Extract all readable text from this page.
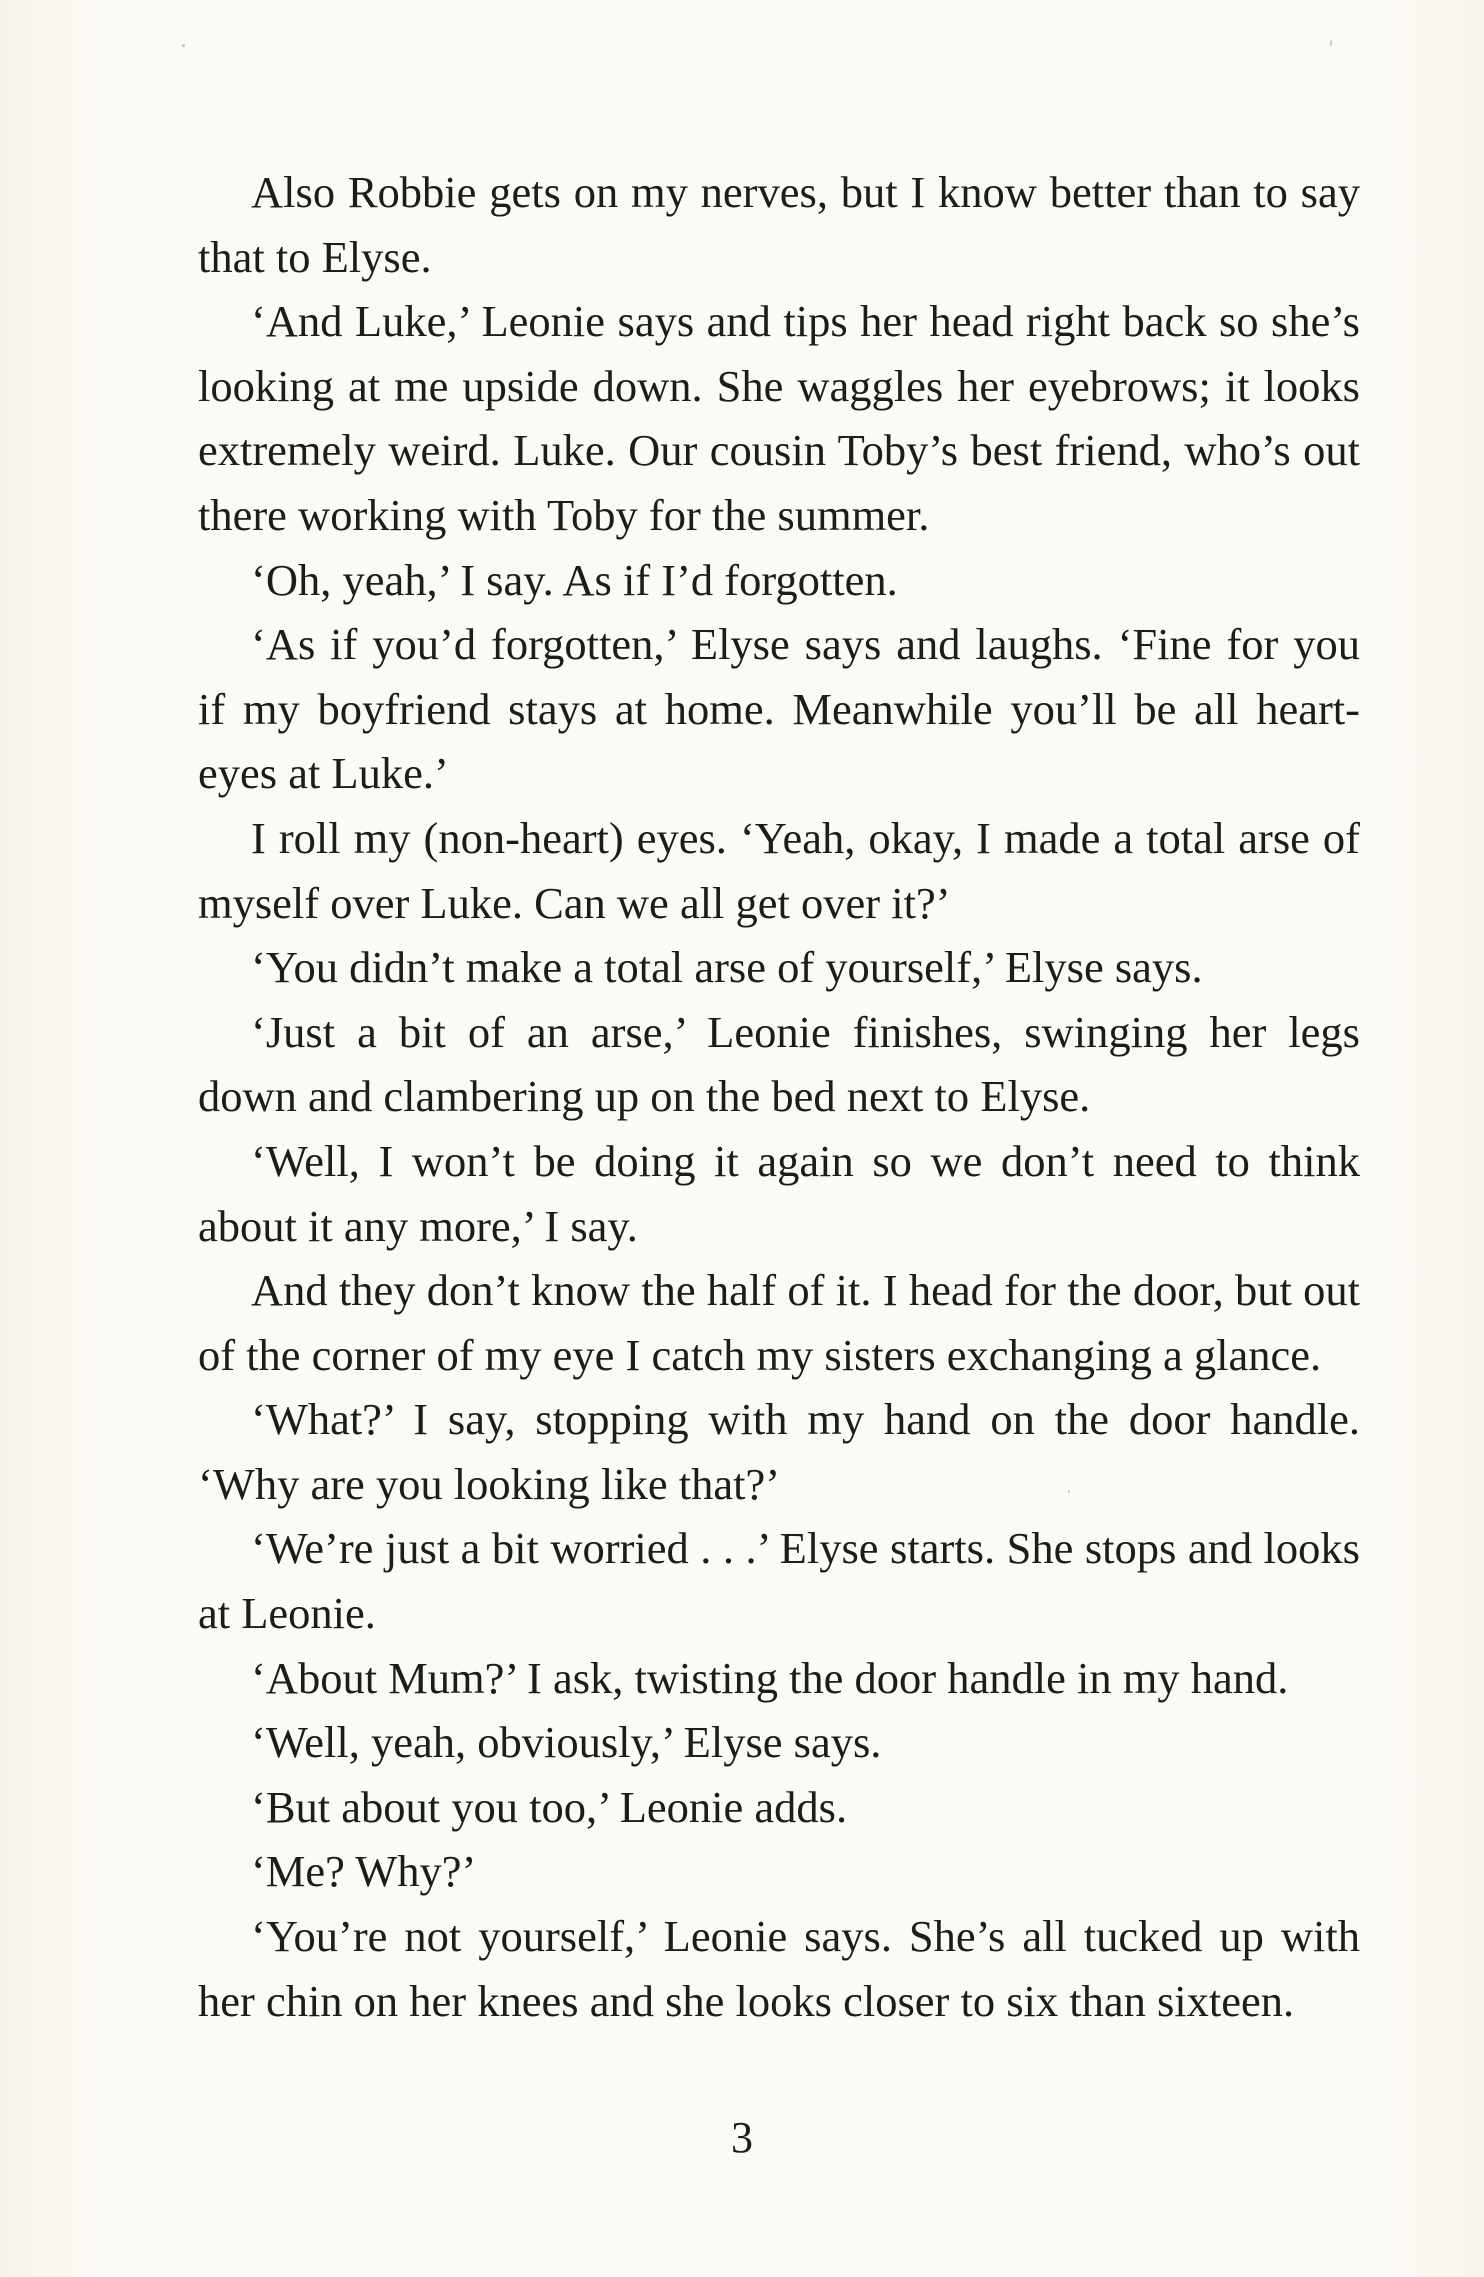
Also Robbie gets on my nerves, but I know better than to say that to Elyse.

‘And Luke,’ Leonie says and tips her head right back so she’s looking at me upside down. She waggles her eyebrows; it looks extremely weird. Luke. Our cousin Toby’s best friend, who’s out there working with Toby for the summer.

‘Oh, yeah,’ I say. As if I’d forgotten.

‘As if you’d forgotten,’ Elyse says and laughs. ‘Fine for you if my boyfriend stays at home. Meanwhile you’ll be all heart-eyes at Luke.’

I roll my (non-heart) eyes. ‘Yeah, okay, I made a total arse of myself over Luke. Can we all get over it?’

‘You didn’t make a total arse of yourself,’ Elyse says.

‘Just a bit of an arse,’ Leonie finishes, swinging her legs down and clambering up on the bed next to Elyse.

‘Well, I won’t be doing it again so we don’t need to think about it any more,’ I say.

And they don’t know the half of it. I head for the door, but out of the corner of my eye I catch my sisters exchanging a glance.

‘What?’ I say, stopping with my hand on the door handle. ‘Why are you looking like that?’

‘We’re just a bit worried . . .’ Elyse starts. She stops and looks at Leonie.

‘About Mum?’ I ask, twisting the door handle in my hand.

‘Well, yeah, obviously,’ Elyse says.

‘But about you too,’ Leonie adds.

‘Me? Why?’

‘You’re not yourself,’ Leonie says. She’s all tucked up with her chin on her knees and she looks closer to six than sixteen.

3
